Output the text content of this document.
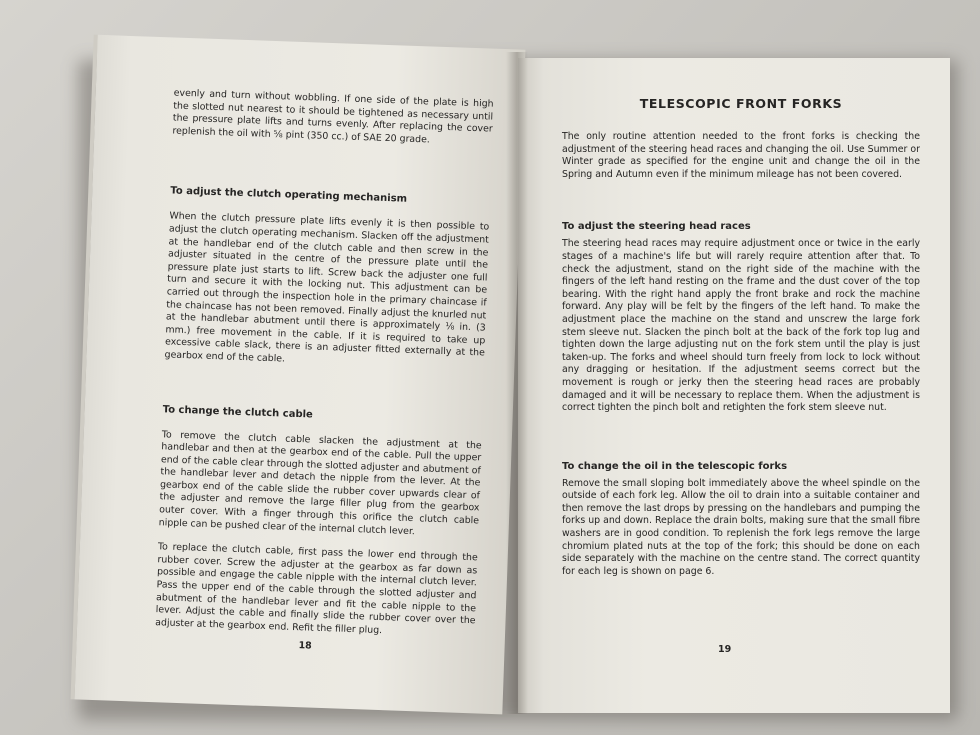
evenly and turn without wobbling. If one side of the plate is high the slotted nut nearest to it should be tightened as necessary until the pressure plate lifts and turns evenly. After replacing the cover replenish the oil with ⅝ pint (350 cc.) of SAE 20 grade.

To adjust the clutch operating mechanism

When the clutch pressure plate lifts evenly it is then possible to adjust the clutch operating mechanism. Slacken off the adjustment at the handlebar end of the clutch cable and then screw in the adjuster situated in the centre of the pressure plate until the pressure plate just starts to lift. Screw back the adjuster one full turn and secure it with the locking nut. This adjustment can be carried out through the inspection hole in the primary chaincase if the chaincase has not been removed. Finally adjust the knurled nut at the handlebar abutment until there is approximately ⅛ in. (3 mm.) free movement in the cable. If it is required to take up excessive cable slack, there is an adjuster fitted externally at the gearbox end of the cable.

To change the clutch cable

To remove the clutch cable slacken the adjustment at the handlebar and then at the gearbox end of the cable. Pull the upper end of the cable clear through the slotted adjuster and abutment of the handlebar lever and detach the nipple from the lever. At the gearbox end of the cable slide the rubber cover upwards clear of the adjuster and remove the large filler plug from the gearbox outer cover. With a finger through this orifice the clutch cable nipple can be pushed clear of the internal clutch lever.

To replace the clutch cable, first pass the lower end through the rubber cover. Screw the adjuster at the gearbox as far down as possible and engage the cable nipple with the internal clutch lever. Pass the upper end of the cable through the slotted adjuster and abutment of the handlebar lever and fit the cable nipple to the lever. Adjust the cable and finally slide the rubber cover over the adjuster at the gearbox end. Refit the filler plug.

18
TELESCOPIC FRONT FORKS

The only routine attention needed to the front forks is checking the adjustment of the steering head races and changing the oil. Use Summer or Winter grade as specified for the engine unit and change the oil in the Spring and Autumn even if the minimum mileage has not been covered.

To adjust the steering head races

The steering head races may require adjustment once or twice in the early stages of a machine's life but will rarely require attention after that. To check the adjustment, stand on the right side of the machine with the fingers of the left hand resting on the frame and the dust cover of the top bearing. With the right hand apply the front brake and rock the machine forward. Any play will be felt by the fingers of the left hand. To make the adjustment place the machine on the stand and unscrew the large fork stem sleeve nut. Slacken the pinch bolt at the back of the fork top lug and tighten down the large adjusting nut on the fork stem until the play is just taken-up. The forks and wheel should turn freely from lock to lock without any dragging or hesitation. If the adjustment seems correct but the movement is rough or jerky then the steering head races are probably damaged and it will be necessary to replace them. When the adjustment is correct tighten the pinch bolt and retighten the fork stem sleeve nut.

To change the oil in the telescopic forks

Remove the small sloping bolt immediately above the wheel spindle on the outside of each fork leg. Allow the oil to drain into a suitable container and then remove the last drops by pressing on the handlebars and pumping the forks up and down. Replace the drain bolts, making sure that the small fibre washers are in good condition. To replenish the fork legs remove the large chromium plated nuts at the top of the fork; this should be done on each side separately with the machine on the centre stand. The correct quantity for each leg is shown on page 6.

19
